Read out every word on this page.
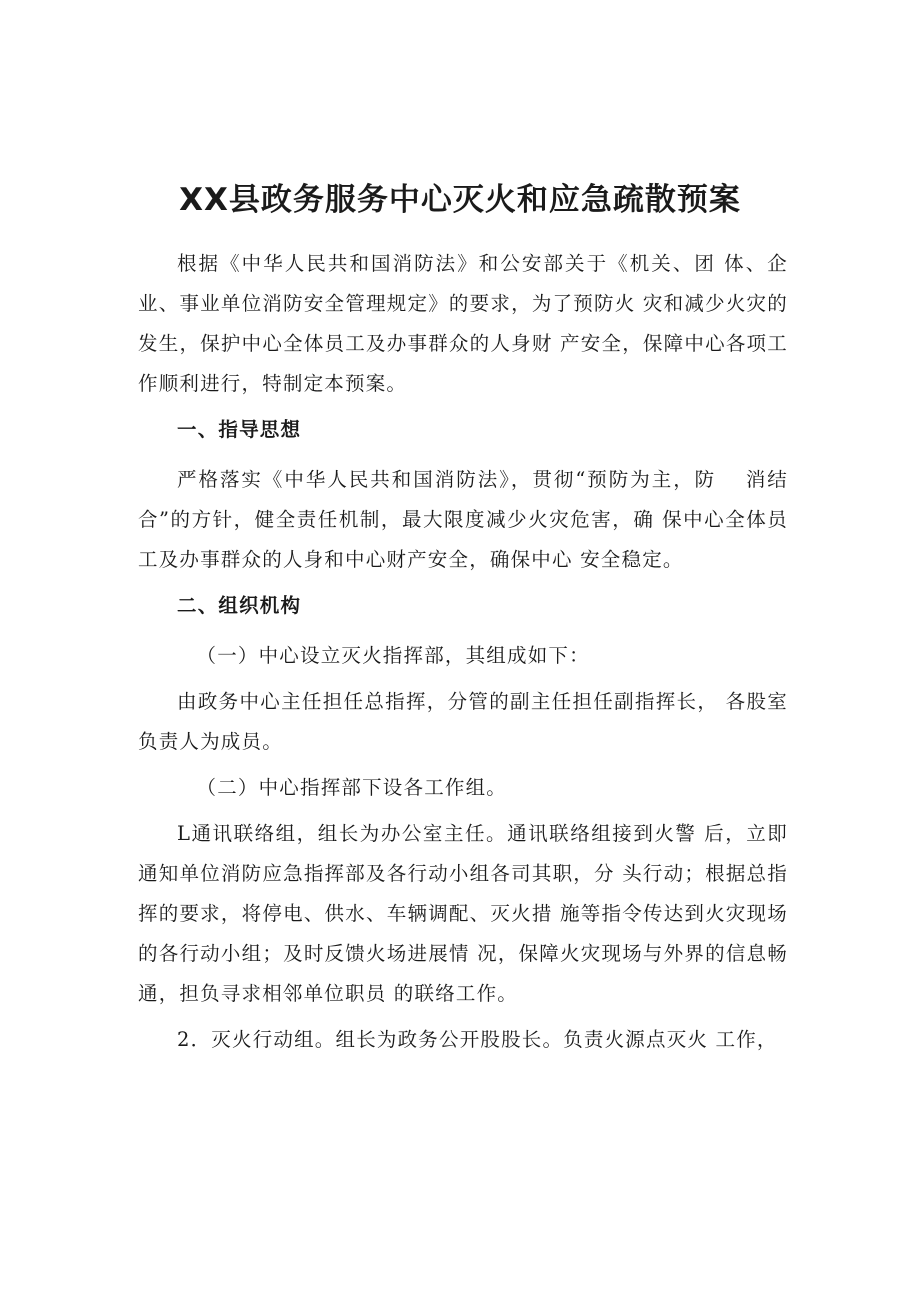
XX县政务服务中心灭火和应急疏散预案

根据《中华人民共和国消防法》和公安部关于《机关、团 体、企业、事业单位消防安全管理规定》的要求，为了预防火 灾和减少火灾的发生，保护中心全体员工及办事群众的人身财 产安全，保障中心各项工作顺利进行，特制定本预案。

一、指导思想

严格落实《中华人民共和国消防法》，贯彻“预防为主，防　 消结合”的方针，健全责任机制，最大限度减少火灾危害，确 保中心全体员工及办事群众的人身和中心财产安全，确保中心 安全稳定。

二、组织机构

（一）中心设立灭火指挥部，其组成如下：

由政务中心主任担任总指挥，分管的副主任担任副指挥长， 各股室负责人为成员。

（二）中心指挥部下设各工作组。

L通讯联络组，组长为办公室主任。通讯联络组接到火警 后，立即通知单位消防应急指挥部及各行动小组各司其职，分 头行动；根据总指挥的要求，将停电、供水、车辆调配、灭火措 施等指令传达到火灾现场的各行动小组；及时反馈火场进展情 况，保障火灾现场与外界的信息畅通，担负寻求相邻单位职员 的联络工作。

2．灭火行动组。组长为政务公开股股长。负责火源点灭火 工作，
